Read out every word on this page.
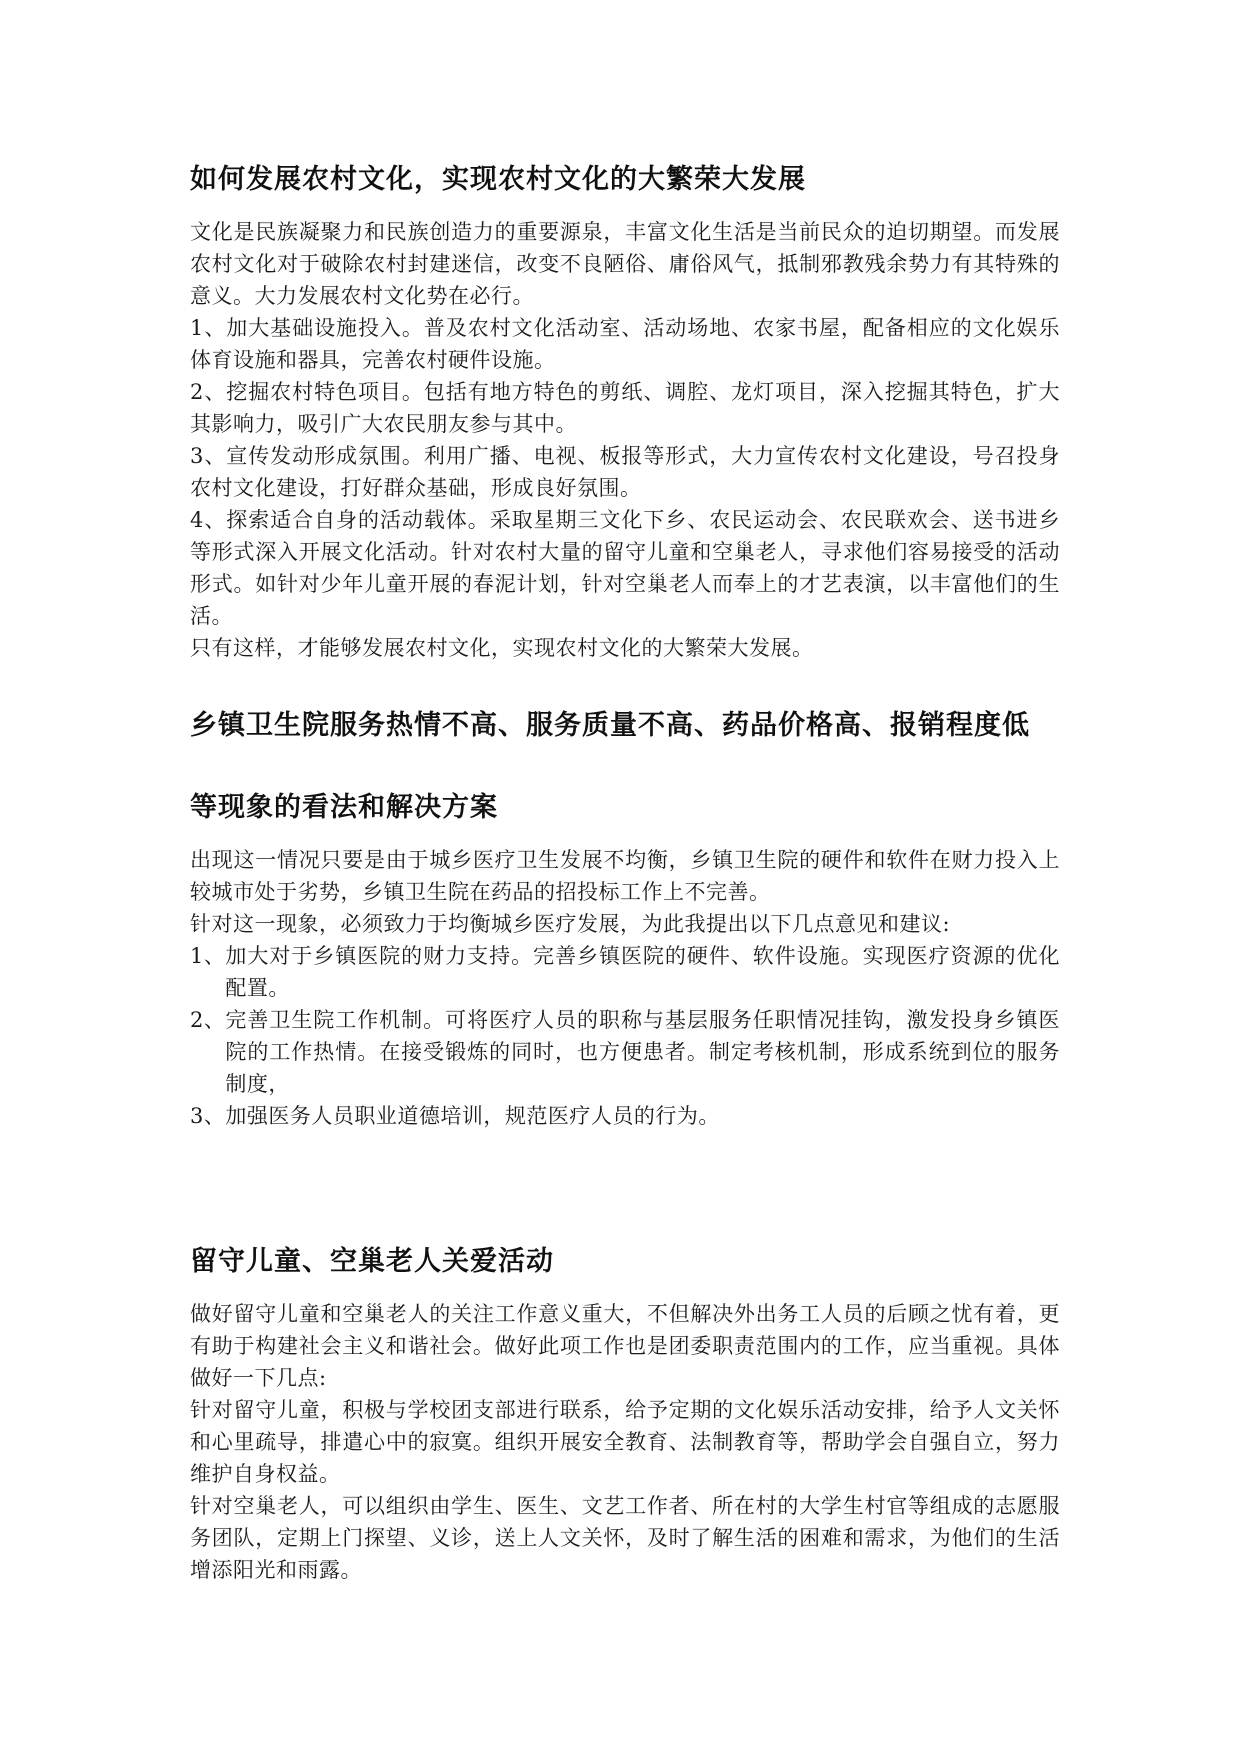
如何发展农村文化，实现农村文化的大繁荣大发展

文化是民族凝聚力和民族创造力的重要源泉，丰富文化生活是当前民众的迫切期望。而发展农村文化对于破除农村封建迷信，改变不良陋俗、庸俗风气，抵制邪教残余势力有其特殊的意义。大力发展农村文化势在必行。

1、加大基础设施投入。普及农村文化活动室、活动场地、农家书屋，配备相应的文化娱乐体育设施和器具，完善农村硬件设施。

2、挖掘农村特色项目。包括有地方特色的剪纸、调腔、龙灯项目，深入挖掘其特色，扩大其影响力，吸引广大农民朋友参与其中。

3、宣传发动形成氛围。利用广播、电视、板报等形式，大力宣传农村文化建设，号召投身农村文化建设，打好群众基础，形成良好氛围。

4、探索适合自身的活动载体。采取星期三文化下乡、农民运动会、农民联欢会、送书进乡等形式深入开展文化活动。针对农村大量的留守儿童和空巢老人，寻求他们容易接受的活动形式。如针对少年儿童开展的春泥计划，针对空巢老人而奉上的才艺表演，以丰富他们的生活。

只有这样，才能够发展农村文化，实现农村文化的大繁荣大发展。

乡镇卫生院服务热情不高、服务质量不高、药品价格高、报销程度低
等现象的看法和解决方案

出现这一情况只要是由于城乡医疗卫生发展不均衡，乡镇卫生院的硬件和软件在财力投入上较城市处于劣势，乡镇卫生院在药品的招投标工作上不完善。

针对这一现象，必须致力于均衡城乡医疗发展，为此我提出以下几点意见和建议:

1、 加大对于乡镇医院的财力支持。完善乡镇医院的硬件、软件设施。实现医疗资源的优化配置。
2、 完善卫生院工作机制。可将医疗人员的职称与基层服务任职情况挂钩，激发投身乡镇医院的工作热情。在接受锻炼的同时，也方便患者。制定考核机制，形成系统到位的服务制度，
3、 加强医务人员职业道德培训，规范医疗人员的行为。
留守儿童、空巢老人关爱活动

做好留守儿童和空巢老人的关注工作意义重大，不但解决外出务工人员的后顾之忧有着，更有助于构建社会主义和谐社会。做好此项工作也是团委职责范围内的工作，应当重视。具体做好一下几点:

针对留守儿童，积极与学校团支部进行联系，给予定期的文化娱乐活动安排，给予人文关怀和心里疏导，排遣心中的寂寞。组织开展安全教育、法制教育等，帮助学会自强自立，努力维护自身权益。

针对空巢老人，可以组织由学生、医生、文艺工作者、所在村的大学生村官等组成的志愿服务团队，定期上门探望、义诊，送上人文关怀，及时了解生活的困难和需求，为他们的生活增添阳光和雨露。
